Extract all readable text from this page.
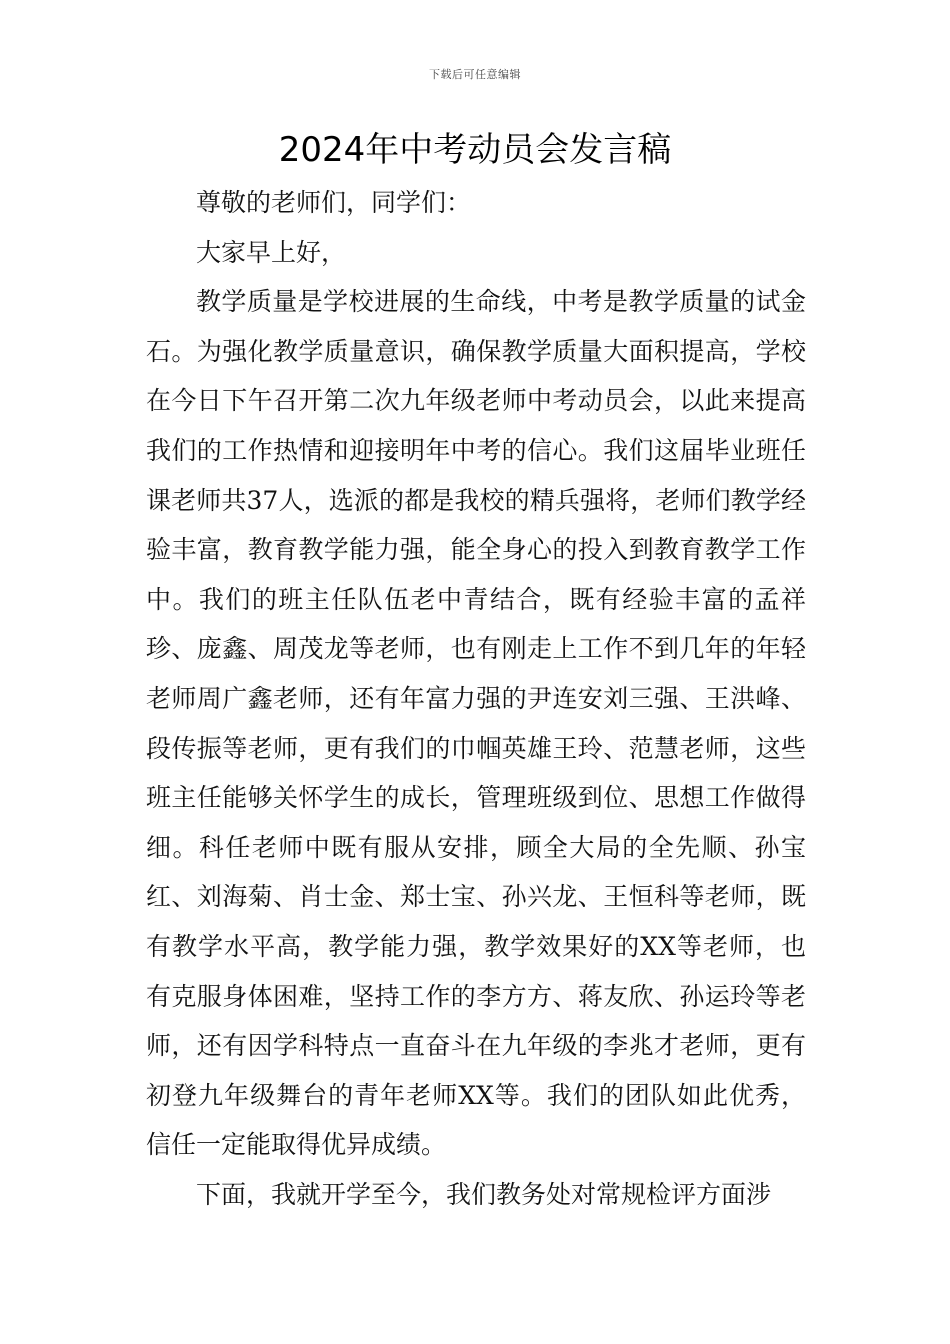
下载后可任意编辑
2024年中考动员会发言稿

尊敬的老师们，同学们：

大家早上好，

教学质量是学校进展的生命线，中考是教学质量的试金石。为强化教学质量意识，确保教学质量大面积提高，学校在今日下午召开第二次九年级老师中考动员会，以此来提高我们的工作热情和迎接明年中考的信心。我们这届毕业班任课老师共37人，选派的都是我校的精兵强将，老师们教学经验丰富，教育教学能力强，能全身心的投入到教育教学工作中。我们的班主任队伍老中青结合，既有经验丰富的孟祥珍、庞鑫、周茂龙等老师，也有刚走上工作不到几年的年轻老师周广鑫老师，还有年富力强的尹连安刘三强、王洪峰、段传振等老师，更有我们的巾帼英雄王玲、范慧老师，这些班主任能够关怀学生的成长，管理班级到位、思想工作做得细。科任老师中既有服从安排，顾全大局的全先顺、孙宝红、刘海菊、肖士金、郑士宝、孙兴龙、王恒科等老师，既有教学水平高，教学能力强，教学效果好的XX等老师，也有克服身体困难，坚持工作的李方方、蒋友欣、孙运玲等老师，还有因学科特点一直奋斗在九年级的李兆才老师，更有初登九年级舞台的青年老师XX等。我们的团队如此优秀，信任一定能取得优异成绩。

下面，我就开学至今，我们教务处对常规检评方面涉
